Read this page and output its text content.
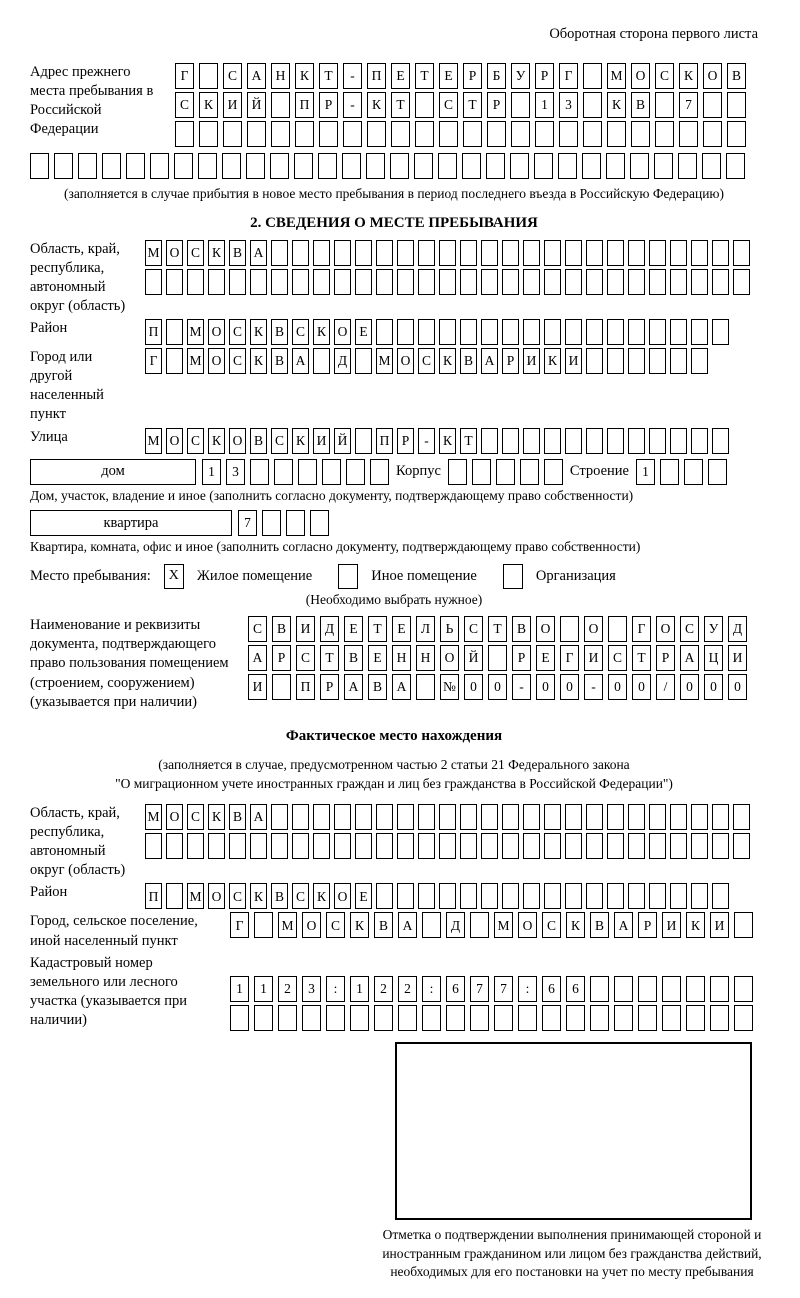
Оборотная сторона первого листа
Адрес прежнего места пребывания в Российской Федерации
Г	С	А	Н	К	Т	-	П	Е	Т	Е	Р	Б	У	Р	Г	М О	С	К	О	В
С	К	И	Й	П	Р	-	К	Т	С	Т	Р	1	3	К	В	7
(заполняется в случае прибытия в новое место пребывания в период последнего въезда в Российскую Федерацию)
2. СВЕДЕНИЯ О МЕСТЕ ПРЕБЫВАНИЯ
Область, край, республика, автономный округ (область)
М О С К В А
Район	П М О С К В С К О Е
Город или другой населенный пункт
Г	М О С К В А Д М О С К В А Р И К И
Улица	М О С К О В С К И Й П Р	-	К Т
дом	1	3	Корпус	Строение 1
Дом, участок, владение и иное (заполнить согласно документу, подтверждающему право собственности)
квартира	7
Квартира, комната, офис и иное (заполнить согласно документу, подтверждающему право собственности)
Место пребывания:	X	Жилое помещение	Иное помещение	Организация
(Необходимо выбрать нужное)
Наименование и реквизиты документа, подтверждающего право пользования помещением (строением, сооружением) (указывается при наличии)
С	В	И	Д	Е	Т	Е	Л	Ь	С	Т	В	О	О	Г	О	С	У	Д
А	Р	С	Т	В	Е	Н	Н	О	Й	Р	Е	Г	И	С	Т	Р	А	Ц	И
И	П	Р	А	В	А	№	0	0	-	0	0	-	0	0	/	0	0	0
Фактическое место нахождения
(заполняется в случае, предусмотренном частью 2 статьи 21 Федерального закона
"О миграционном учете иностранных граждан и лиц без гражданства в Российской Федерации")
Область, край, республика, автономный округ (область)
М О С К В А
Район	П М О С К В С К О Е
Город, сельское поселение, иной населенный пункт
Г	М О	С	К	В	А	Д	М О	С	К	В	А	Р	И	К	И
Кадастровый номер земельного или лесного участка (указывается при наличии)
1	1	2	3	:	1	2	2	:	6	7	7	:	6	6
Отметка о подтверждении выполнения принимающей стороной и иностранным гражданином или лицом без гражданства действий, необходимых для его постановки на учет по месту пребывания
